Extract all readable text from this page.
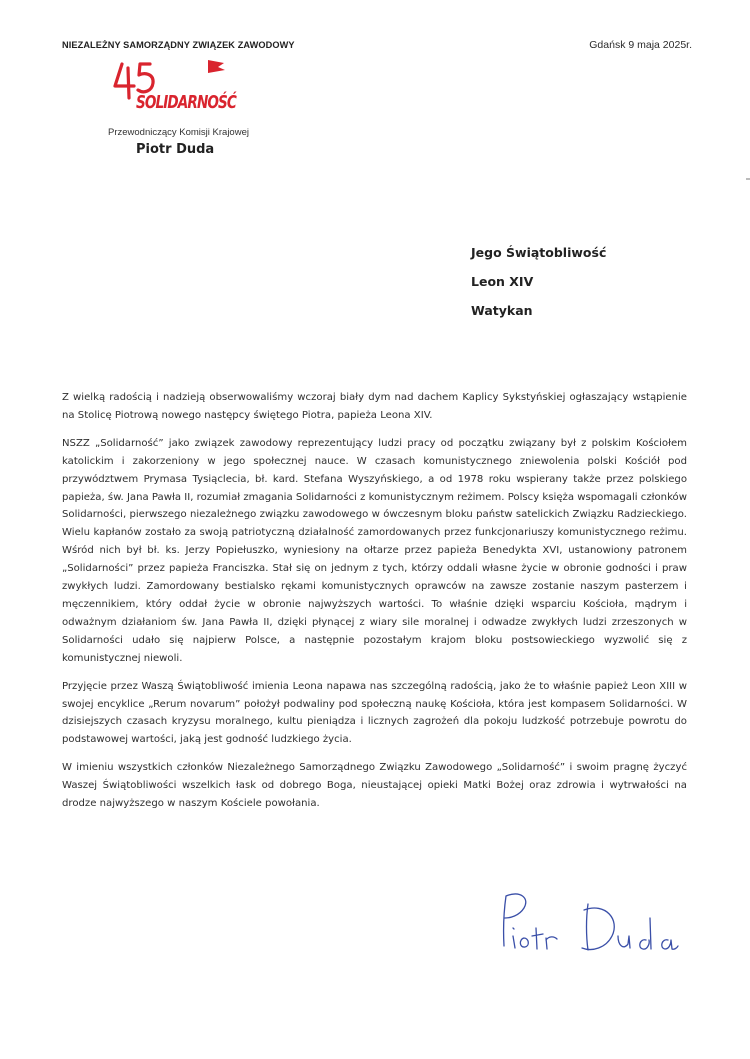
NIEZALEŻNY SAMORZĄDNY ZWIĄZEK ZAWODOWY	Gdańsk 9 maja 2025r.
SOLIDARNOŚĆ
Przewodniczący Komisji Krajowej
Piotr Duda
Jego Świątobliwość
Leon XIV
Watykan

Z wielką radością i nadzieją obserwowaliśmy wczoraj biały dym nad dachem Kaplicy Sykstyńskiej ogłaszający wstąpienie na Stolicę Piotrową nowego następcy świętego Piotra, papieża Leona XIV.

NSZZ „Solidarność” jako związek zawodowy reprezentujący ludzi pracy od początku związany był z polskim Kościołem katolickim i zakorzeniony w jego społecznej nauce. W czasach komunistycznego zniewolenia polski Kościół pod przywództwem Prymasa Tysiąclecia, bł. kard. Stefana Wyszyńskiego, a od 1978 roku wspierany także przez polskiego papieża, św. Jana Pawła II, rozumiał zmagania Solidarności z komunistycznym reżimem. Polscy księża wspomagali członków Solidarności, pierwszego niezależnego związku zawodowego w ówczesnym bloku państw satelickich Związku Radzieckiego. Wielu kapłanów zostało za swoją patriotyczną działalność zamordowanych przez funkcjonariuszy komunistycznego reżimu. Wśród nich był bł. ks. Jerzy Popiełuszko, wyniesiony na ołtarze przez papieża Benedykta XVI, ustanowiony patronem „Solidarności” przez papieża Franciszka. Stał się on jednym z tych, którzy oddali własne życie w obronie godności i praw zwykłych ludzi. Zamordowany bestialsko rękami komunistycznych oprawców na zawsze zostanie naszym pasterzem i męczennikiem, który oddał życie w obronie najwyższych wartości. To właśnie dzięki wsparciu Kościoła, mądrym i odważnym działaniom św. Jana Pawła II, dzięki płynącej z wiary sile moralnej i odwadze zwykłych ludzi zrzeszonych w Solidarności udało się najpierw Polsce, a następnie pozostałym krajom bloku postsowieckiego wyzwolić się z komunistycznej niewoli.

Przyjęcie przez Waszą Świątobliwość imienia Leona napawa nas szczególną radością, jako że to właśnie papież Leon XIII w swojej encyklice „Rerum novarum” położył podwaliny pod społeczną naukę Kościoła, która jest kompasem Solidarności. W dzisiejszych czasach kryzysu moralnego, kultu pieniądza i licznych zagrożeń dla pokoju ludzkość potrzebuje powrotu do podstawowej wartości, jaką jest godność ludzkiego życia.

W imieniu wszystkich członków Niezależnego Samorządnego Związku Zawodowego „Solidarność” i swoim pragnę życzyć Waszej Świątobliwości wszelkich łask od dobrego Boga, nieustającej opieki Matki Bożej oraz zdrowia i wytrwałości na drodze najwyższego w naszym Kościele powołania.
